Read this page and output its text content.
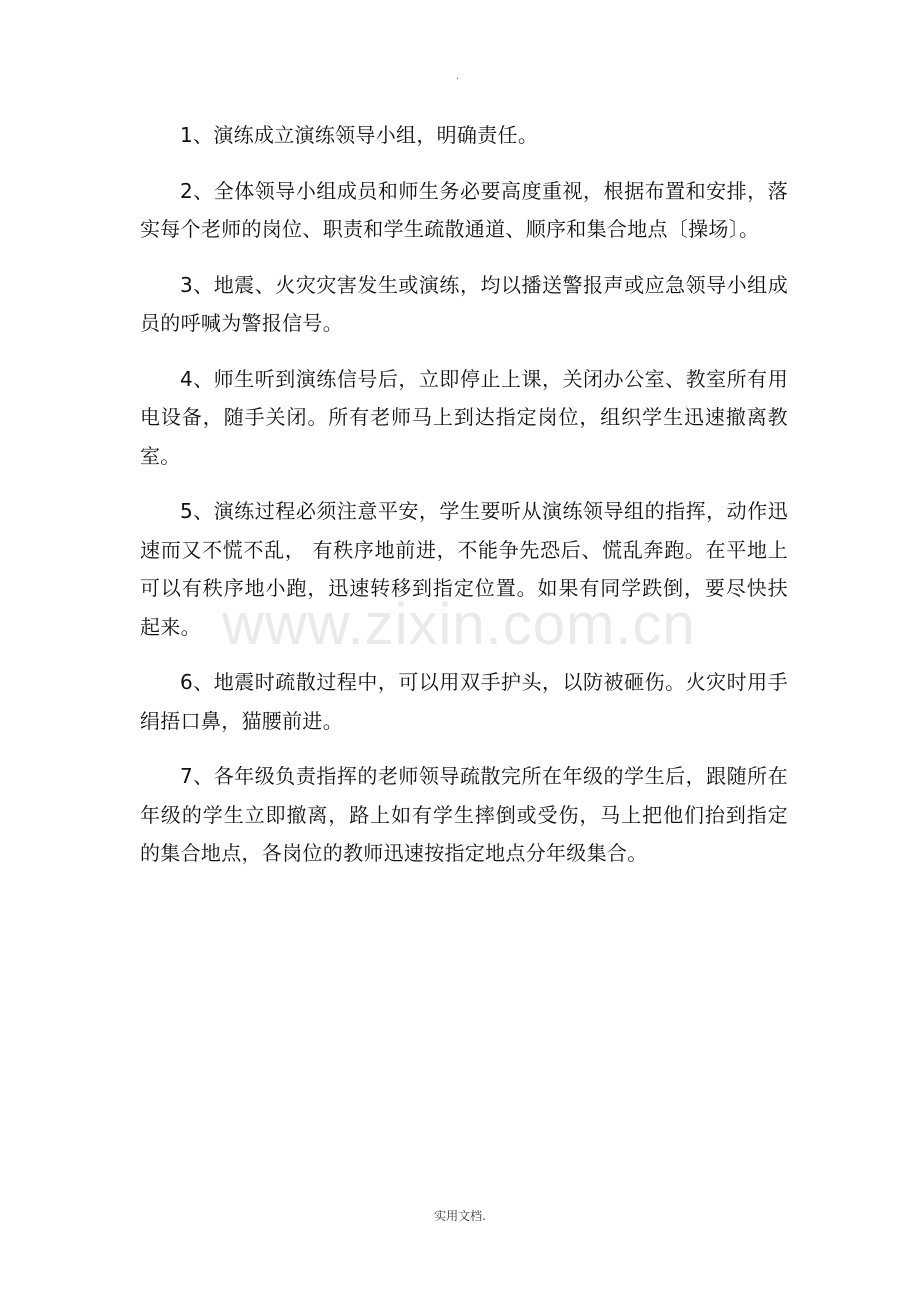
.

1、演练成立演练领导小组，明确责任。

2、全体领导小组成员和师生务必要高度重视，根据布置和安排，落实每个老师的岗位、职责和学生疏散通道、顺序和集合地点〔操场〕。

3、地震、火灾灾害发生或演练，均以播送警报声或应急领导小组成员的呼喊为警报信号。

4、师生听到演练信号后，立即停止上课，关闭办公室、教室所有用电设备，随手关闭。所有老师马上到达指定岗位，组织学生迅速撤离教室。

5、演练过程必须注意平安，学生要听从演练领导组的指挥，动作迅速而又不慌不乱， 有秩序地前进，不能争先恐后、慌乱奔跑。在平地上可以有秩序地小跑，迅速转移到指定位置。如果有同学跌倒，要尽快扶起来。

6、地震时疏散过程中，可以用双手护头，以防被砸伤。火灾时用手绢捂口鼻，猫腰前进。

7、各年级负责指挥的老师领导疏散完所在年级的学生后，跟随所在年级的学生立即撤离，路上如有学生摔倒或受伤，马上把他们抬到指定的集合地点，各岗位的教师迅速按指定地点分年级集合。

www.zixin.com.cn
实用文档.
